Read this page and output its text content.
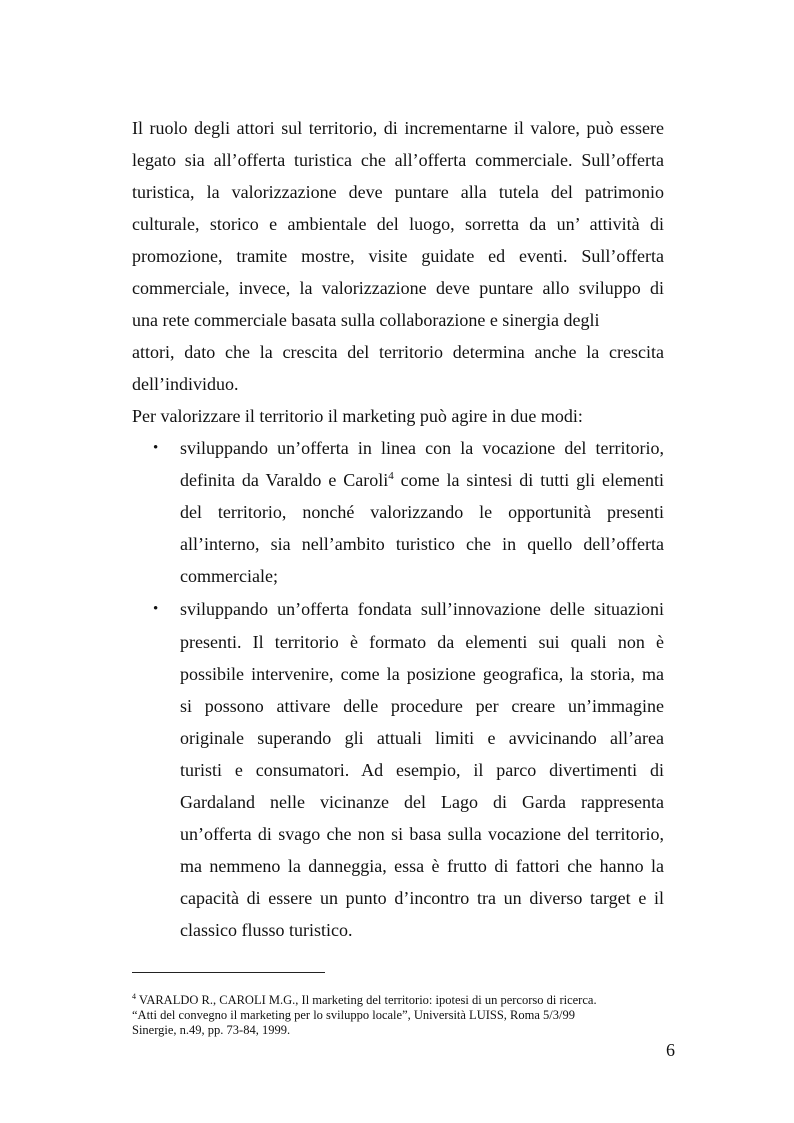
Il ruolo degli attori sul territorio, di incrementarne il valore, può essere

legato sia all’offerta turistica che all’offerta commerciale. Sull’offerta

turistica, la valorizzazione deve puntare alla tutela del patrimonio

culturale, storico e ambientale del luogo, sorretta da un’ attività di

promozione, tramite mostre, visite guidate ed eventi. Sull’offerta

commerciale, invece, la valorizzazione deve puntare allo sviluppo di

una rete commerciale basata sulla collaborazione e sinergia degli

attori, dato che la crescita del territorio determina anche la crescita

dell’individuo.

Per valorizzare il territorio il marketing può agire in due modi:

• sviluppando un’offerta in linea con la vocazione del territorio,

definita da Varaldo e Caroli$^4$ come la sintesi di tutti gli elementi

del territorio, nonché valorizzando le opportunità presenti

all’interno, sia nell’ambito turistico che in quello dell’offerta

commerciale;

• sviluppando un’offerta fondata sull’innovazione delle situazioni

presenti. Il territorio è formato da elementi sui quali non è

possibile intervenire, come la posizione geografica, la storia, ma

si possono attivare delle procedure per creare un’immagine

originale superando gli attuali limiti e avvicinando all’area

turisti e consumatori. Ad esempio, il parco divertimenti di

Gardaland nelle vicinanze del Lago di Garda rappresenta

un’offerta di svago che non si basa sulla vocazione del territorio,

ma nemmeno la danneggia, essa è frutto di fattori che hanno la

capacità di essere un punto d’incontro tra un diverso target e il

classico flusso turistico.

$^4$ VARALDO R., CAROLI M.G., Il marketing del territorio: ipotesi di un percorso di ricerca.

“Atti del convegno il marketing per lo sviluppo locale”, Università LUISS, Roma 5/3/99

Sinergie, n.49, pp. 73-84, 1999.

6
